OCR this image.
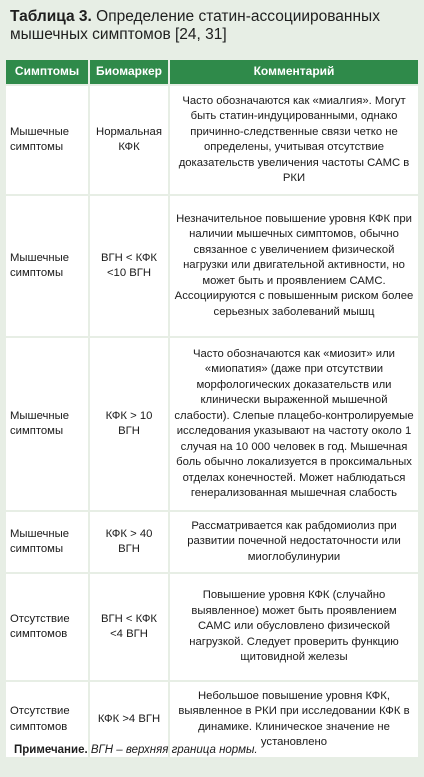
Таблица 3. Определение статин-ассоциированных мышечных симптомов [24, 31]
Симптомы	Биомаркер	Комментарий
Мышечные симптомы	Нормальная КФК	Часто обозначаются как «миалгия». Могут быть статин-индуцированными, однако причинно-следственные связи четко не определены, учитывая отсутствие доказательств увеличения частоты САМС в РКИ
Мышечные симптомы	ВГН < КФК <10 ВГН	Незначительное повышение уровня КФК при наличии мышечных симптомов, обычно связанное с увеличением физической нагрузки или двигательной активности, но может быть и проявлением САМС. Ассоциируются с повышенным риском более серьезных заболеваний мышц
Мышечные симптомы	КФК > 10 ВГН	Часто обозначаются как «миозит» или «миопатия» (даже при отсутствии морфологических доказательств или клинически выраженной мышечной слабости). Слепые плацебо-контролируемые исследования указывают на частоту около 1 случая на 10 000 человек в год. Мышечная боль обычно локализуется в проксимальных отделах конечностей. Может наблюдаться генерализованная мышечная слабость
Мышечные симптомы	КФК > 40 ВГН	Рассматривается как рабдомиолиз при развитии почечной недостаточности или миоглобулинурии
Отсутствие симптомов	ВГН < КФК <4 ВГН	Повышение уровня КФК (случайно выявленное) может быть проявлением САМС или обусловлено физической нагрузкой. Следует проверить функцию щитовидной железы
Отсутствие симптомов	КФК >4 ВГН	Небольшое повышение уровня КФК, выявленное в РКИ при исследовании КФК в динамике. Клиническое значение не установлено
Примечание. ВГН – верхняя граница нормы.
